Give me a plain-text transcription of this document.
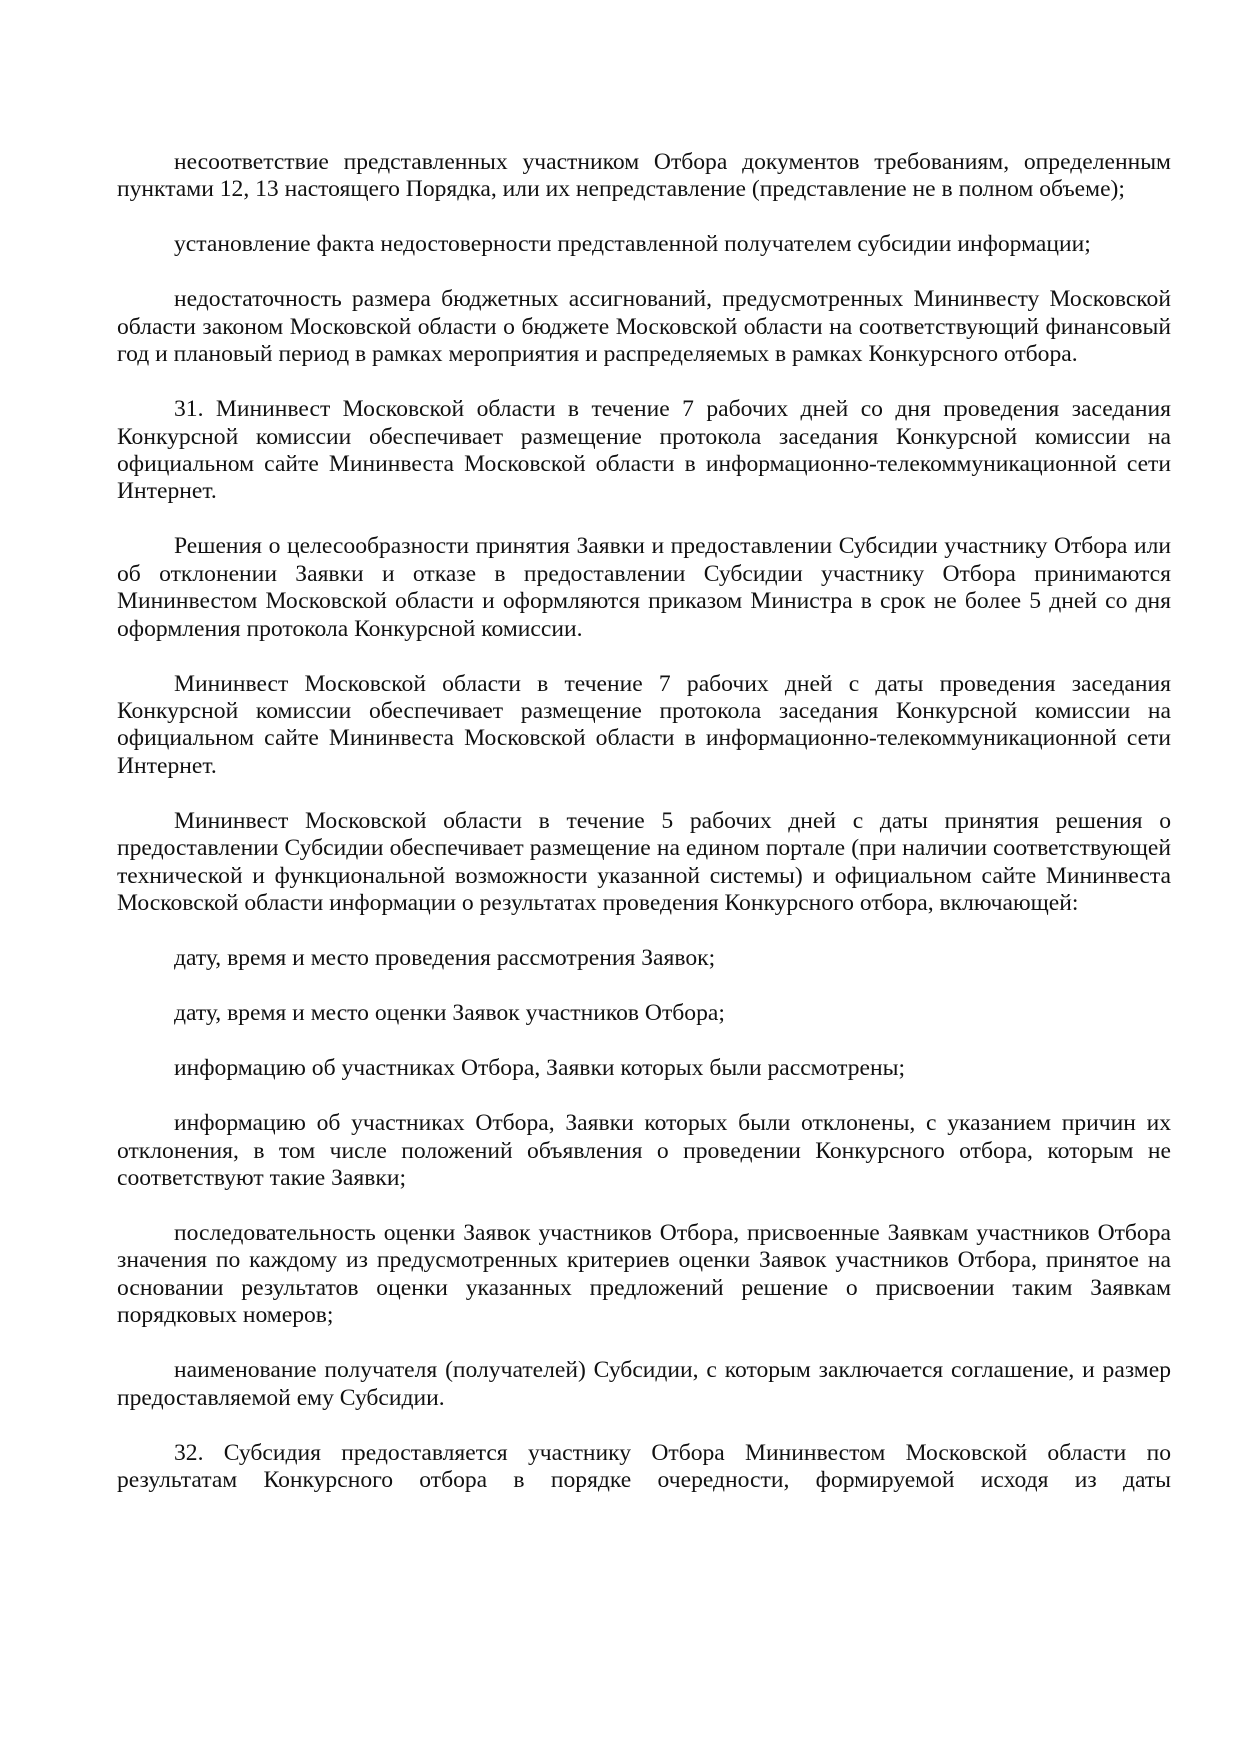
несоответствие представленных участником Отбора документов требованиям, определенным пунктами 12, 13 настоящего Порядка, или их непредставление (представление не в полном объеме);

установление факта недостоверности представленной получателем субсидии информации;

недостаточность размера бюджетных ассигнований, предусмотренных Мининвесту Московской области законом Московской области о бюджете Московской области на соответствующий финансовый год и плановый период в рамках мероприятия и распределяемых в рамках Конкурсного отбора.

31. Мининвест Московской области в течение 7 рабочих дней со дня проведения заседания Конкурсной комиссии обеспечивает размещение протокола заседания Конкурсной комиссии на официальном сайте Мининвеста Московской области в информационно-телекоммуникационной сети Интернет.

Решения о целесообразности принятия Заявки и предоставлении Субсидии участнику Отбора или об отклонении Заявки и отказе в предоставлении Субсидии участнику Отбора принимаются Мининвестом Московской области и оформляются приказом Министра в срок не более 5 дней со дня оформления протокола Конкурсной комиссии.

Мининвест Московской области в течение 7 рабочих дней с даты проведения заседания Конкурсной комиссии обеспечивает размещение протокола заседания Конкурсной комиссии на официальном сайте Мининвеста Московской области в информационно-телекоммуникационной сети Интернет.

Мининвест Московской области в течение 5 рабочих дней с даты принятия решения о предоставлении Субсидии обеспечивает размещение на едином портале (при наличии соответствующей технической и функциональной возможности указанной системы) и официальном сайте Мининвеста Московской области информации о результатах проведения Конкурсного отбора, включающей:

дату, время и место проведения рассмотрения Заявок;

дату, время и место оценки Заявок участников Отбора;

информацию об участниках Отбора, Заявки которых были рассмотрены;

информацию об участниках Отбора, Заявки которых были отклонены, с указанием причин их отклонения, в том числе положений объявления о проведении Конкурсного отбора, которым не соответствуют такие Заявки;

последовательность оценки Заявок участников Отбора, присвоенные Заявкам участников Отбора значения по каждому из предусмотренных критериев оценки Заявок участников Отбора, принятое на основании результатов оценки указанных предложений решение о присвоении таким Заявкам порядковых номеров;

наименование получателя (получателей) Субсидии, с которым заключается соглашение, и размер предоставляемой ему Субсидии.

32. Субсидия предоставляется участнику Отбора Мининвестом Московской области по результатам Конкурсного отбора в порядке очередности, формируемой исходя из даты
